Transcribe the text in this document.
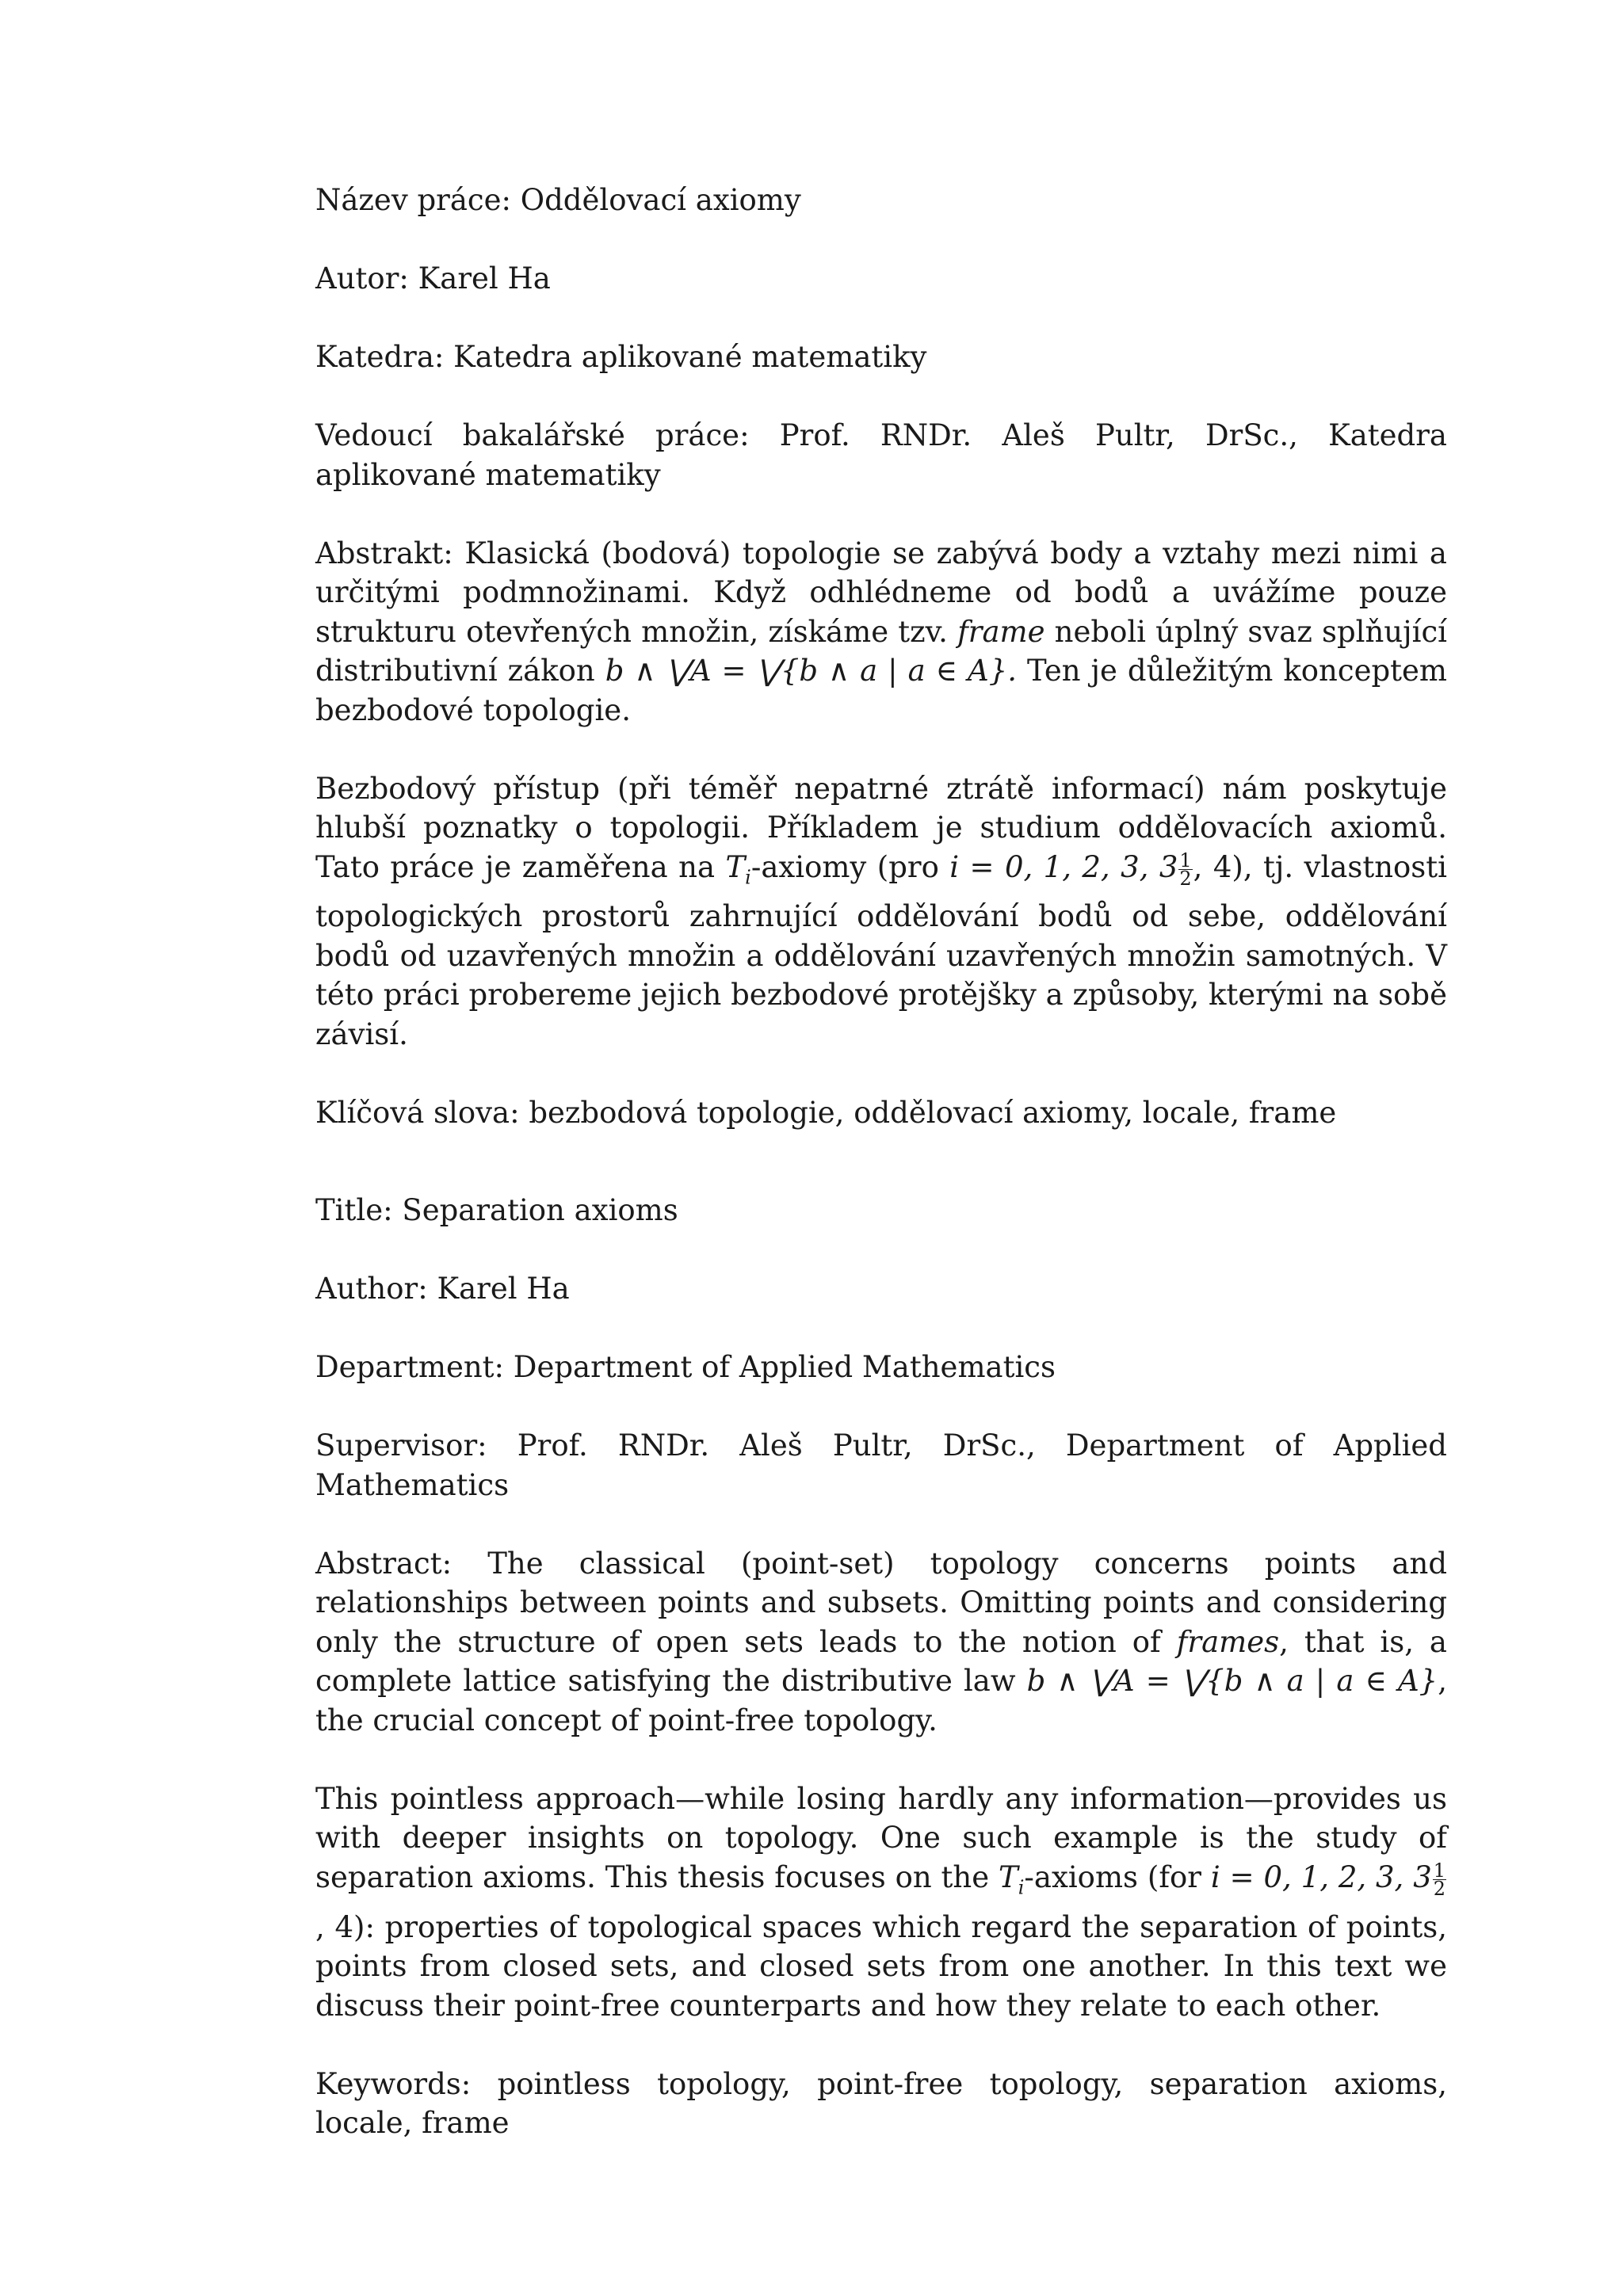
Název práce: Oddělovací axiomy

Autor: Karel Ha

Katedra: Katedra aplikované matematiky

Vedoucí bakalářské práce: Prof. RNDr. Aleš Pultr, DrSc., Katedra aplikované matematiky

Abstrakt: Klasická (bodová) topologie se zabývá body a vztahy mezi nimi a určitými podmnožinami. Když odhlédneme od bodů a uvážíme pouze strukturu otevřených množin, získáme tzv. frame neboli úplný svaz splňující distributivní zákon b ∧ ⋁A = ⋁{b ∧ a | a ∈ A}. Ten je důležitým konceptem bezbodové topologie.

Bezbodový přístup (při téměř nepatrné ztrátě informací) nám poskytuje hlubší poznatky o topologii. Příkladem je studium oddělovacích axiomů. Tato práce je zaměřena na $T_i$-axiomy (pro i = 0, 1, 2, 3, $3 \frac{1}{2}$ , 4), tj. vlastnosti topologických prostorů zahrnující oddělování bodů od sebe, oddělování bodů od uzavřených množin a oddělování uzavřených množin samotných. V této práci probereme jejich bezbodové protějšky a způsoby, kterými na sobě závisí.

Klíčová slova: bezbodová topologie, oddělovací axiomy, locale, frame

Title: Separation axioms

Author: Karel Ha

Department: Department of Applied Mathematics

Supervisor: Prof. RNDr. Aleš Pultr, DrSc., Department of Applied Mathematics

Abstract: The classical (point-set) topology concerns points and relationships between points and subsets. Omitting points and considering only the structure of open sets leads to the notion of frames, that is, a complete lattice satisfying the distributive law b ∧ ⋁A = ⋁{b ∧ a | a ∈ A}, the crucial concept of point-free topology.

This pointless approach—while losing hardly any information—provides us with deeper insights on topology. One such example is the study of separation axioms. This thesis focuses on the $T_i$-axioms (for i = 0, 1, 2, 3, $3 \frac{1}{2}$
, 4): properties of topological spaces which regard the separation of points, points from closed sets, and closed sets from one another. In this text we discuss their point-free counterparts and how they relate to each other.

Keywords: pointless topology, point-free topology, separation axioms, locale, frame
